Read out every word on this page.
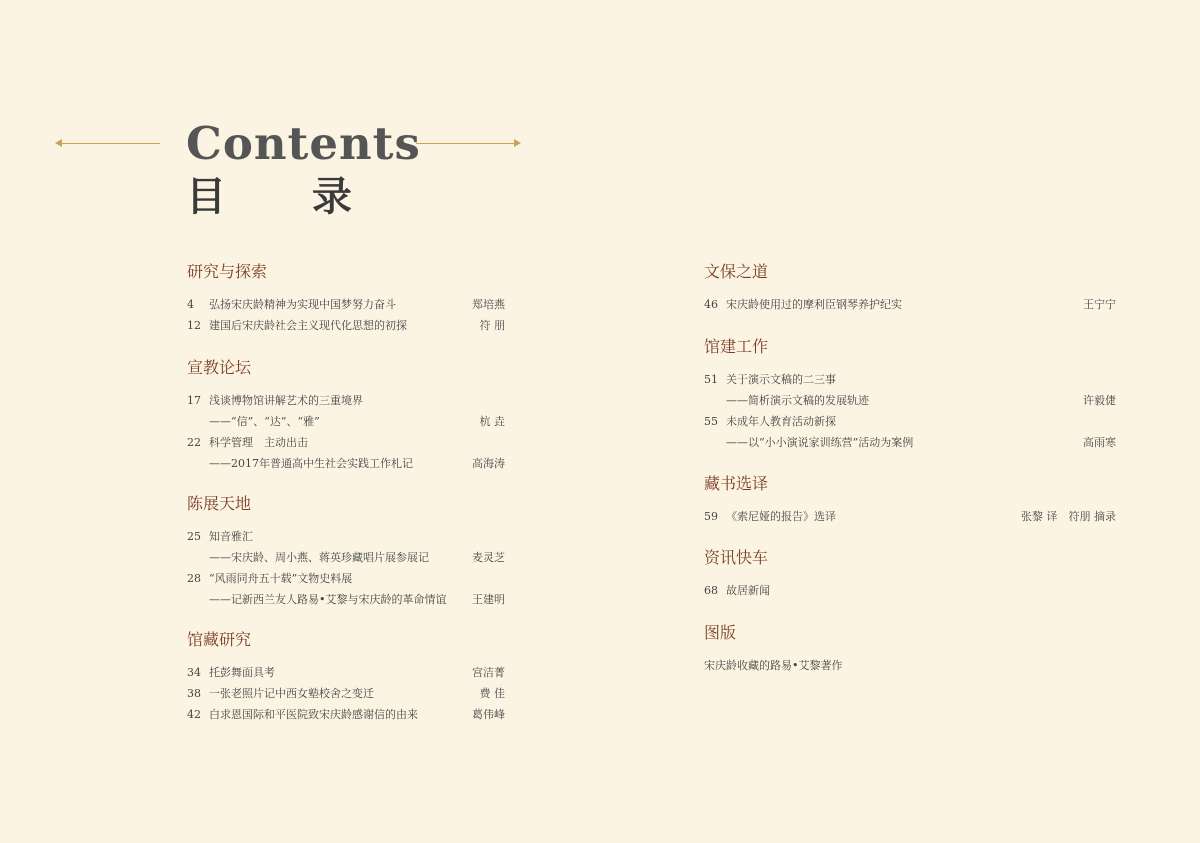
Contents
目 录
研究与探索
4 弘扬宋庆龄精神为实现中国梦努力奋斗	郑培燕
12 建国后宋庆龄社会主义现代化思想的初探	符 朋
宣教论坛
17 浅谈博物馆讲解艺术的三重境界
——“信”、“达”、“雅”	杭 垚
22 科学管理　主动出击
——2017年普通高中生社会实践工作札记	高海涛
陈展天地
25 知音雅汇
——宋庆龄、周小燕、蒋英珍藏唱片展参展记	麦灵芝
28 “风雨同舟五十载”文物史料展
——记新西兰友人路易•艾黎与宋庆龄的革命情谊 王建明
馆藏研究
34 托彭舞面具考	宫洁菁
38 一张老照片记中西女塾校舍之变迁	费 佳
42 白求恩国际和平医院致宋庆龄感谢信的由来	葛伟峰
文保之道
46 宋庆龄使用过的摩利臣钢琴养护纪实	王宁宁
馆建工作
51 关于演示文稿的二三事
——简析演示文稿的发展轨迹	许毅倢
55 未成年人教育活动新探
——以“小小演说家训练营”活动为案例	高雨寒
藏书选译
59 《索尼娅的报告》选译	张黎 译　符朋 摘录
资讯快车
68 故居新闻
图版
宋庆龄收藏的路易•艾黎著作
